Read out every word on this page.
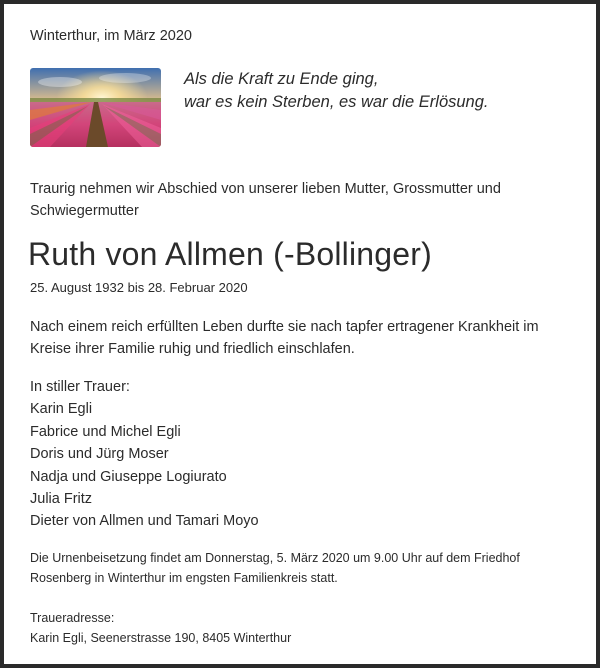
Winterthur, im März 2020
Als die Kraft zu Ende ging,
war es kein Sterben, es war die Erlösung.
Traurig nehmen wir Abschied von unserer lieben Mutter, Grossmutter und
Schwiegermutter
Ruth von Allmen (-Bollinger)
25. August 1932 bis 28. Februar 2020
Nach einem reich erfüllten Leben durfte sie nach tapfer ertragener Krankheit im
Kreise ihrer Familie ruhig und friedlich einschlafen.
In stiller Trauer:
Karin Egli
Fabrice und Michel Egli
Doris und Jürg Moser
Nadja und Giuseppe Logiurato
Julia Fritz
Dieter von Allmen und Tamari Moyo
Die Urnenbeisetzung findet am Donnerstag, 5. März 2020 um 9.00 Uhr auf dem Friedhof
Rosenberg in Winterthur im engsten Familienkreis statt.
Traueradresse:
Karin Egli, Seenerstrasse 190, 8405 Winterthur
